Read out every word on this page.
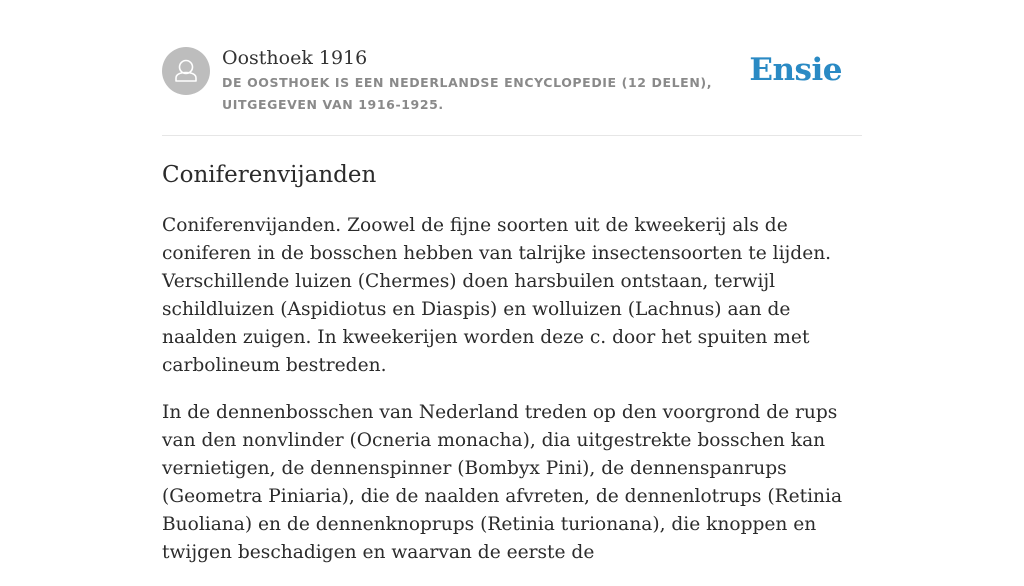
Oosthoek 1916
DE OOSTHOEK IS EEN NEDERLANDSE ENCYCLOPEDIE (12 DELEN), UITGEGEVEN VAN 1916-1925.
Ensie
Coniferenvijanden

Coniferenvijanden. Zoowel de fijne soorten uit de kweekerij als de coniferen in de bosschen hebben van talrijke insectensoorten te lijden. Verschillende luizen (Chermes) doen harsbuilen ontstaan, terwijl schildluizen (Aspidiotus en Diaspis) en wolluizen (Lachnus) aan de naalden zuigen. In kweekerijen worden deze c. door het spuiten met carbolineum bestreden.

In de dennenbosschen van Nederland treden op den voorgrond de rups van den nonvlinder (Ocneria monacha), dia uitgestrekte bosschen kan vernietigen, de dennenspinner (Bombyx Pini), de dennenspanrups (Geometra Piniaria), die de naalden afvreten, de dennenlotrups (Retinia Buoliana) en de dennenknoprups (Retinia turionana), die knoppen en twijgen beschadigen en waarvan de eerste de
